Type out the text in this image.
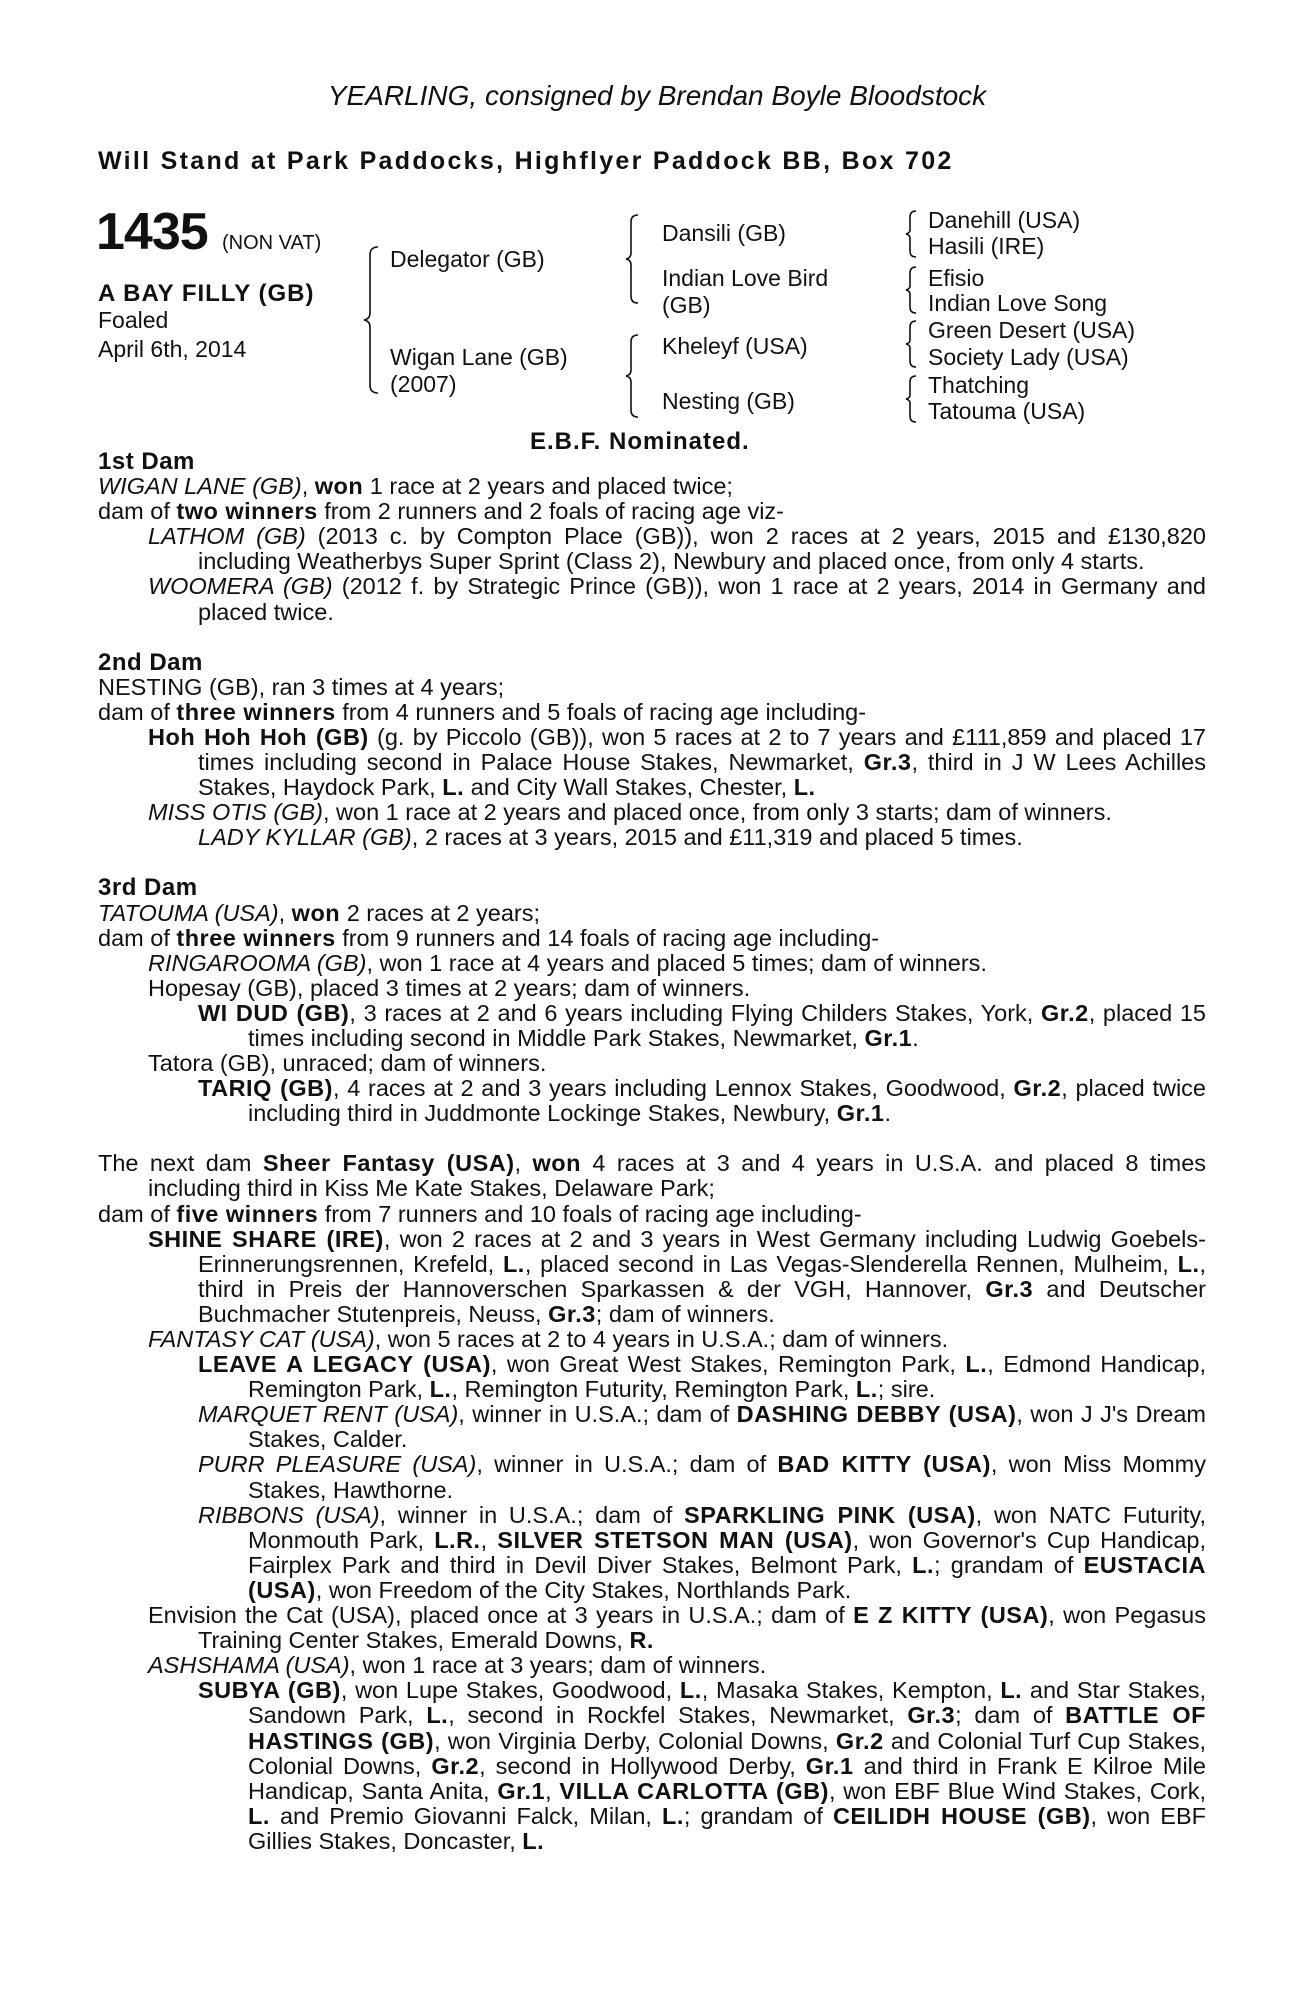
YEARLING, consigned by Brendan Boyle Bloodstock
Will Stand at Park Paddocks, Highflyer Paddock BB, Box 702
1435 (NON VAT)
A BAY FILLY (GB)
Foaled
April 6th, 2014
Delegator (GB)
Wigan Lane (GB)
(2007)
Dansili (GB)
Indian Love Bird
(GB)
Kheleyf (USA)
Nesting (GB)
Danehill (USA)
Hasili (IRE)
Efisio
Indian Love Song
Green Desert (USA)
Society Lady (USA)
Thatching
Tatouma (USA)
E.B.F. Nominated.

1st Dam

WIGAN LANE (GB), won 1 race at 2 years and placed twice;

dam of two winners from 2 runners and 2 foals of racing age viz-

LATHOM (GB) (2013 c. by Compton Place (GB)), won 2 races at 2 years, 2015 and £130,820 including Weatherbys Super Sprint (Class 2), Newbury and placed once, from only 4 starts.

WOOMERA (GB) (2012 f. by Strategic Prince (GB)), won 1 race at 2 years, 2014 in Germany and placed twice.

2nd Dam

NESTING (GB), ran 3 times at 4 years;

dam of three winners from 4 runners and 5 foals of racing age including-

Hoh Hoh Hoh (GB) (g. by Piccolo (GB)), won 5 races at 2 to 7 years and £111,859 and placed 17 times including second in Palace House Stakes, Newmarket, Gr.3, third in J W Lees Achilles Stakes, Haydock Park, L. and City Wall Stakes, Chester, L.

MISS OTIS (GB), won 1 race at 2 years and placed once, from only 3 starts; dam of winners.

LADY KYLLAR (GB), 2 races at 3 years, 2015 and £11,319 and placed 5 times.

3rd Dam

TATOUMA (USA), won 2 races at 2 years;

dam of three winners from 9 runners and 14 foals of racing age including-

RINGAROOMA (GB), won 1 race at 4 years and placed 5 times; dam of winners.

Hopesay (GB), placed 3 times at 2 years; dam of winners.

WI DUD (GB), 3 races at 2 and 6 years including Flying Childers Stakes, York, Gr.2, placed 15 times including second in Middle Park Stakes, Newmarket, Gr.1.

Tatora (GB), unraced; dam of winners.

TARIQ (GB), 4 races at 2 and 3 years including Lennox Stakes, Goodwood, Gr.2, placed twice including third in Juddmonte Lockinge Stakes, Newbury, Gr.1.

The next dam Sheer Fantasy (USA), won 4 races at 3 and 4 years in U.S.A. and placed 8 times including third in Kiss Me Kate Stakes, Delaware Park;

dam of five winners from 7 runners and 10 foals of racing age including-

SHINE SHARE (IRE), won 2 races at 2 and 3 years in West Germany including Ludwig Goebels-Erinnerungsrennen, Krefeld, L., placed second in Las Vegas-Slenderella Rennen, Mulheim, L., third in Preis der Hannoverschen Sparkassen & der VGH, Hannover, Gr.3 and Deutscher Buchmacher Stutenpreis, Neuss, Gr.3; dam of winners.

FANTASY CAT (USA), won 5 races at 2 to 4 years in U.S.A.; dam of winners.

LEAVE A LEGACY (USA), won Great West Stakes, Remington Park, L., Edmond Handicap, Remington Park, L., Remington Futurity, Remington Park, L.; sire.

MARQUET RENT (USA), winner in U.S.A.; dam of DASHING DEBBY (USA), won J J's Dream Stakes, Calder.

PURR PLEASURE (USA), winner in U.S.A.; dam of BAD KITTY (USA), won Miss Mommy Stakes, Hawthorne.

RIBBONS (USA), winner in U.S.A.; dam of SPARKLING PINK (USA), won NATC Futurity, Monmouth Park, L.R., SILVER STETSON MAN (USA), won Governor's Cup Handicap, Fairplex Park and third in Devil Diver Stakes, Belmont Park, L.; grandam of EUSTACIA (USA), won Freedom of the City Stakes, Northlands Park.

Envision the Cat (USA), placed once at 3 years in U.S.A.; dam of E Z KITTY (USA), won Pegasus Training Center Stakes, Emerald Downs, R.

ASHSHAMA (USA), won 1 race at 3 years; dam of winners.

SUBYA (GB), won Lupe Stakes, Goodwood, L., Masaka Stakes, Kempton, L. and Star Stakes, Sandown Park, L., second in Rockfel Stakes, Newmarket, Gr.3; dam of BATTLE OF HASTINGS (GB), won Virginia Derby, Colonial Downs, Gr.2 and Colonial Turf Cup Stakes, Colonial Downs, Gr.2, second in Hollywood Derby, Gr.1 and third in Frank E Kilroe Mile Handicap, Santa Anita, Gr.1, VILLA CARLOTTA (GB), won EBF Blue Wind Stakes, Cork, L. and Premio Giovanni Falck, Milan, L.; grandam of CEILIDH HOUSE (GB), won EBF Gillies Stakes, Doncaster, L.
